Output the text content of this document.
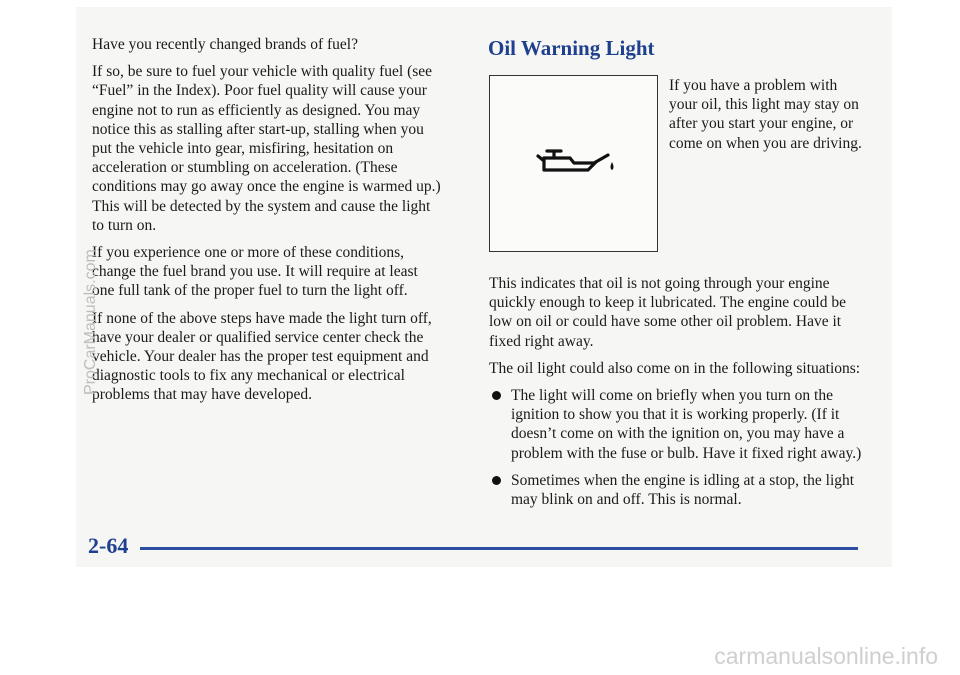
Have you recently changed brands of fuel?

If so, be sure to fuel your vehicle with quality fuel (see “Fuel” in the Index). Poor fuel quality will cause your engine not to run as efficiently as designed. You may notice this as stalling after start-up, stalling when you put the vehicle into gear, misfiring, hesitation on acceleration or stumbling on acceleration. (These conditions may go away once the engine is warmed up.) This will be detected by the system and cause the light to turn on.

If you experience one or more of these conditions, change the fuel brand you use. It will require at least one full tank of the proper fuel to turn the light off.

If none of the above steps have made the light turn off, have your dealer or qualified service center check the vehicle. Your dealer has the proper test equipment and diagnostic tools to fix any mechanical or electrical problems that may have developed.

Oil Warning Light

If you have a problem with your oil, this light may stay on after you start your engine, or come on when you are driving.

This indicates that oil is not going through your engine quickly enough to keep it lubricated. The engine could be low on oil or could have some other oil problem. Have it fixed right away.

The oil light could also come on in the following situations:

The light will come on briefly when you turn on the ignition to show you that it is working properly. (If it doesn’t come on with the ignition on, you may have a problem with the fuse or bulb. Have it fixed right away.)
Sometimes when the engine is idling at a stop, the light may blink on and off. This is normal.

2-64

ProCarManuals.com

carmanualsonline.info
